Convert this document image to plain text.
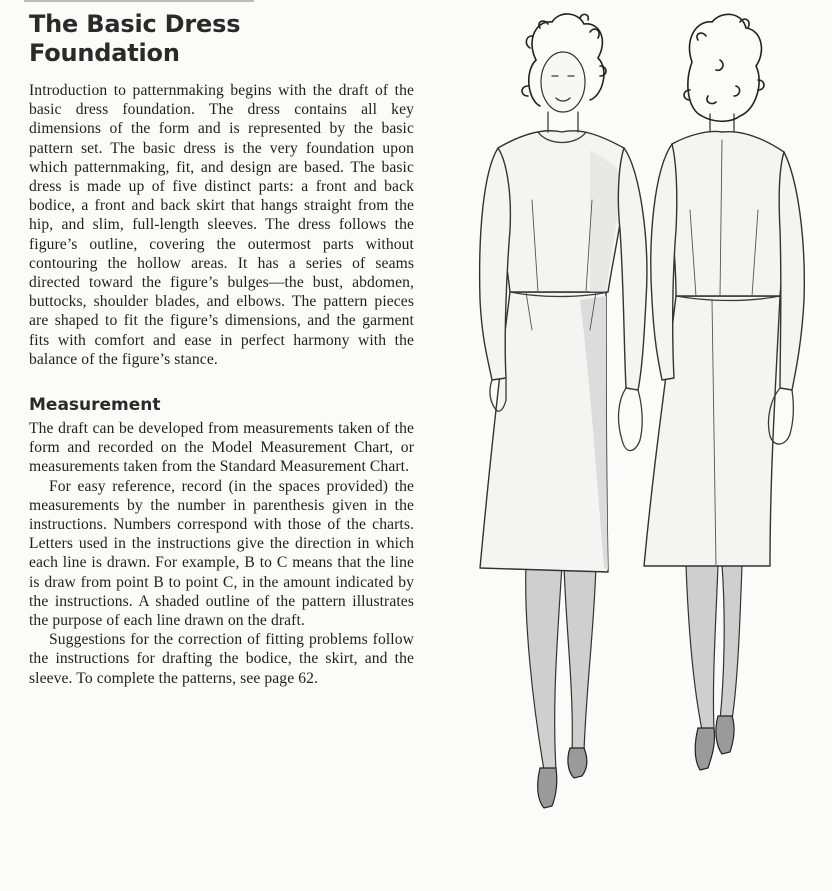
The Basic Dress
Foundation

Introduction to patternmaking begins with the draft of the basic dress foundation. The dress contains all key dimensions of the form and is represented by the basic pattern set. The basic dress is the very foundation upon which patternmaking, fit, and design are based. The basic dress is made up of five distinct parts: a front and back bodice, a front and back skirt that hangs straight from the hip, and slim, full-length sleeves. The dress follows the figure’s outline, covering the outermost parts without contouring the hollow areas. It has a series of seams directed toward the figure’s bulges—the bust, abdomen, buttocks, shoulder blades, and elbows. The pattern pieces are shaped to fit the figure’s dimensions, and the garment fits with comfort and ease in perfect harmony with the balance of the figure’s stance.

Measurement

The draft can be developed from measurements taken of the form and recorded on the Model Measurement Chart, or measurements taken from the Standard Measurement Chart.

For easy reference, record (in the spaces provided) the measurements by the number in parenthesis given in the instructions. Numbers correspond with those of the charts. Letters used in the instructions give the direction in which each line is drawn. For example, B to C means that the line is draw from point B to point C, in the amount indicated by the instructions. A shaded outline of the pattern illustrates the purpose of each line drawn on the draft.

Suggestions for the correction of fitting problems follow the instructions for drafting the bodice, the skirt, and the sleeve. To complete the patterns, see page 62.
